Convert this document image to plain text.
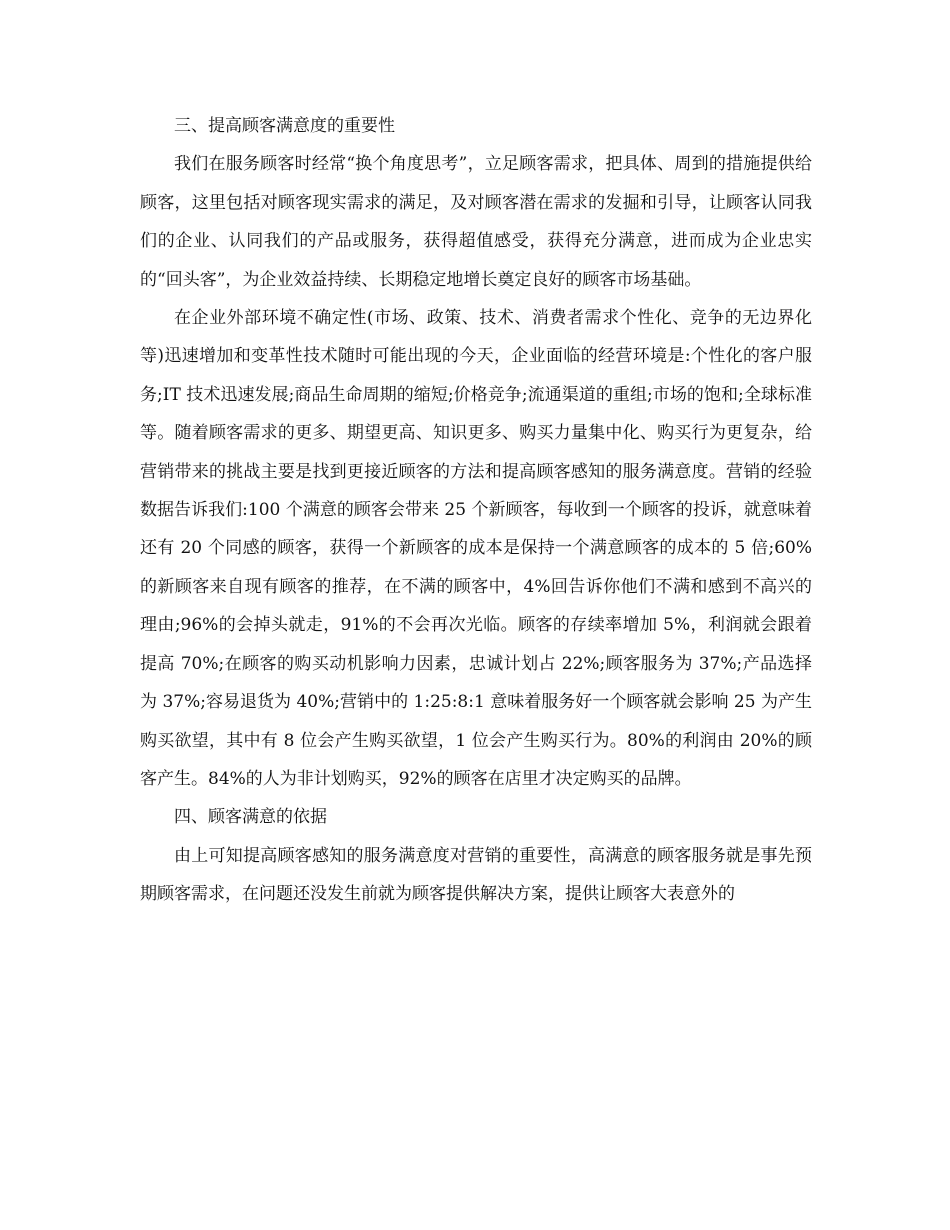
三、提高顾客满意度的重要性

我们在服务顾客时经常“换个角度思考”，立足顾客需求，把具体、周到的措施提供给顾客，这里包括对顾客现实需求的满足，及对顾客潜在需求的发掘和引导，让顾客认同我们的企业、认同我们的产品或服务，获得超值感受，获得充分满意，进而成为企业忠实的“回头客”，为企业效益持续、长期稳定地增长奠定良好的顾客市场基础。

在企业外部环境不确定性(市场、政策、技术、消费者需求个性化、竞争的无边界化等)迅速增加和变革性技术随时可能出现的今天，企业面临的经营环境是:个性化的客户服务;IT 技术迅速发展;商品生命周期的缩短;价格竞争;流通渠道的重组;市场的饱和;全球标准等。随着顾客需求的更多、期望更高、知识更多、购买力量集中化、购买行为更复杂，给营销带来的挑战主要是找到更接近顾客的方法和提高顾客感知的服务满意度。营销的经验数据告诉我们:100 个满意的顾客会带来 25 个新顾客，每收到一个顾客的投诉，就意味着还有 20 个同感的顾客，获得一个新顾客的成本是保持一个满意顾客的成本的 5 倍;60%的新顾客来自现有顾客的推荐，在不满的顾客中，4%回告诉你他们不满和感到不高兴的理由;96%的会掉头就走，91%的不会再次光临。顾客的存续率增加 5%，利润就会跟着提高 70%;在顾客的购买动机影响力因素，忠诚计划占 22%;顾客服务为 37%;产品选择为 37%;容易退货为 40%;营销中的 1:25:8:1 意味着服务好一个顾客就会影响 25 为产生购买欲望，其中有 8 位会产生购买欲望，1 位会产生购买行为。80%的利润由 20%的顾客产生。84%的人为非计划购买，92%的顾客在店里才决定购买的品牌。

四、顾客满意的依据

由上可知提高顾客感知的服务满意度对营销的重要性，高满意的顾客服务就是事先预期顾客需求，在问题还没发生前就为顾客提供解决方案，提供让顾客大表意外的
